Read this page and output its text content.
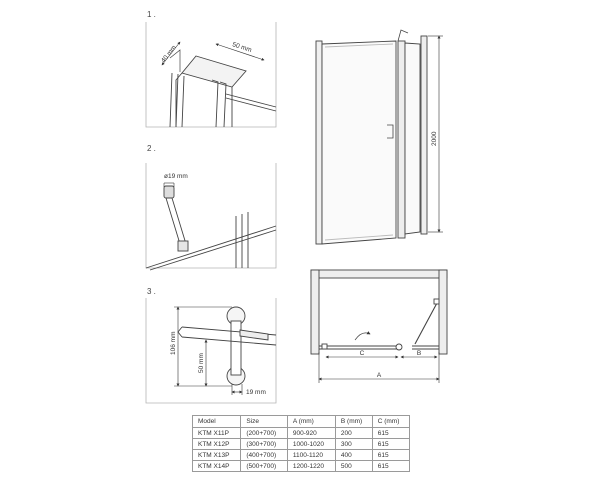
1 .
2 .
3 .
40 mm	50 mm
ø19 mm
106 mm
50 mm
19 mm
2000
C	B
A
Model	Size	A (mm)	B (mm)	C (mm)
KTM X11P	(200+700)	900-920	200	615
KTM X12P	(300+700)	1000-1020	300	615
KTM X13P	(400+700)	1100-1120	400	615
KTM X14P	(500+700)	1200-1220	500	615
